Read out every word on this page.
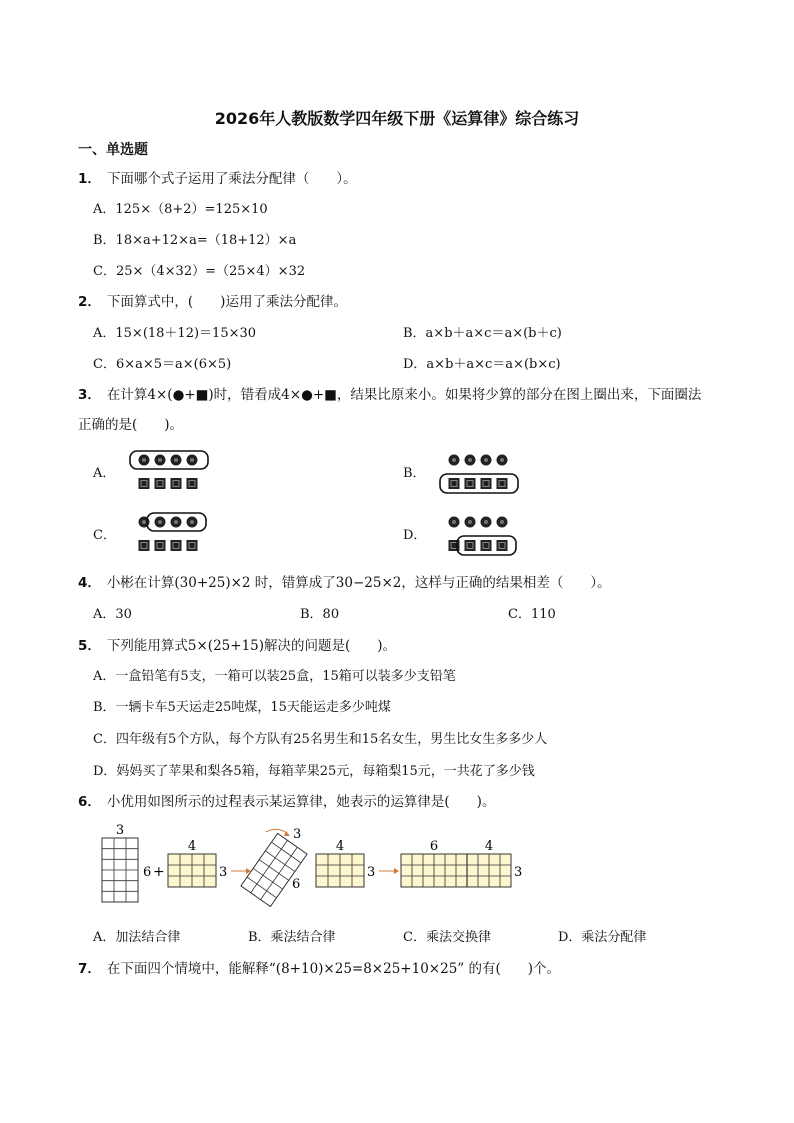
2026年人教版数学四年级下册《运算律》综合练习
一、单选题
1． 下面哪个式子运用了乘法分配律（　　）。
A．125×（8+2）=125×10
B．18×a+12×a=（18+12）×a
C．25×（4×32）=（25×4）×32
2． 下面算式中，(　　)运用了乘法分配律。
A．15×(18＋12)＝15×30	B．a×b＋a×c＝a×(b＋c)
C．6×a×5＝a×(6×5)	D．a×b＋a×c＝a×(b×c)
3． 在计算4×(●+■)时，错看成4×●+■，结果比原来小。如果将少算的部分在图上圈出来，下面圈法
正确的是(　　)。
A．	B．
C．	D．
4． 小彬在计算(30+25)×2 时，错算成了30−25×2，这样与正确的结果相差（　　）。
A．30	B．80	C．110
5． 下列能用算式5×(25+15)解决的问题是(　　)。
A．一盒铅笔有5支，一箱可以装25盒，15箱可以装多少支铅笔
B．一辆卡车5天运走25吨煤，15天能运走多少吨煤
C．四年级有5个方队，每个方队有25名男生和15名女生，男生比女生多多少人
D．妈妈买了苹果和梨各5箱，每箱苹果25元，每箱梨15元，一共花了多少钱
6． 小优用如图所示的过程表示某运算律，她表示的运算律是(　　)。
3
6 +
4
3
3
6
4
3
6	4
3
A．加法结合律	B．乘法结合律	C．乘法交换律	D．乘法分配律
7． 在下面四个情境中，能解释“(8+10)×25=8×25+10×25” 的有(　　)个。
